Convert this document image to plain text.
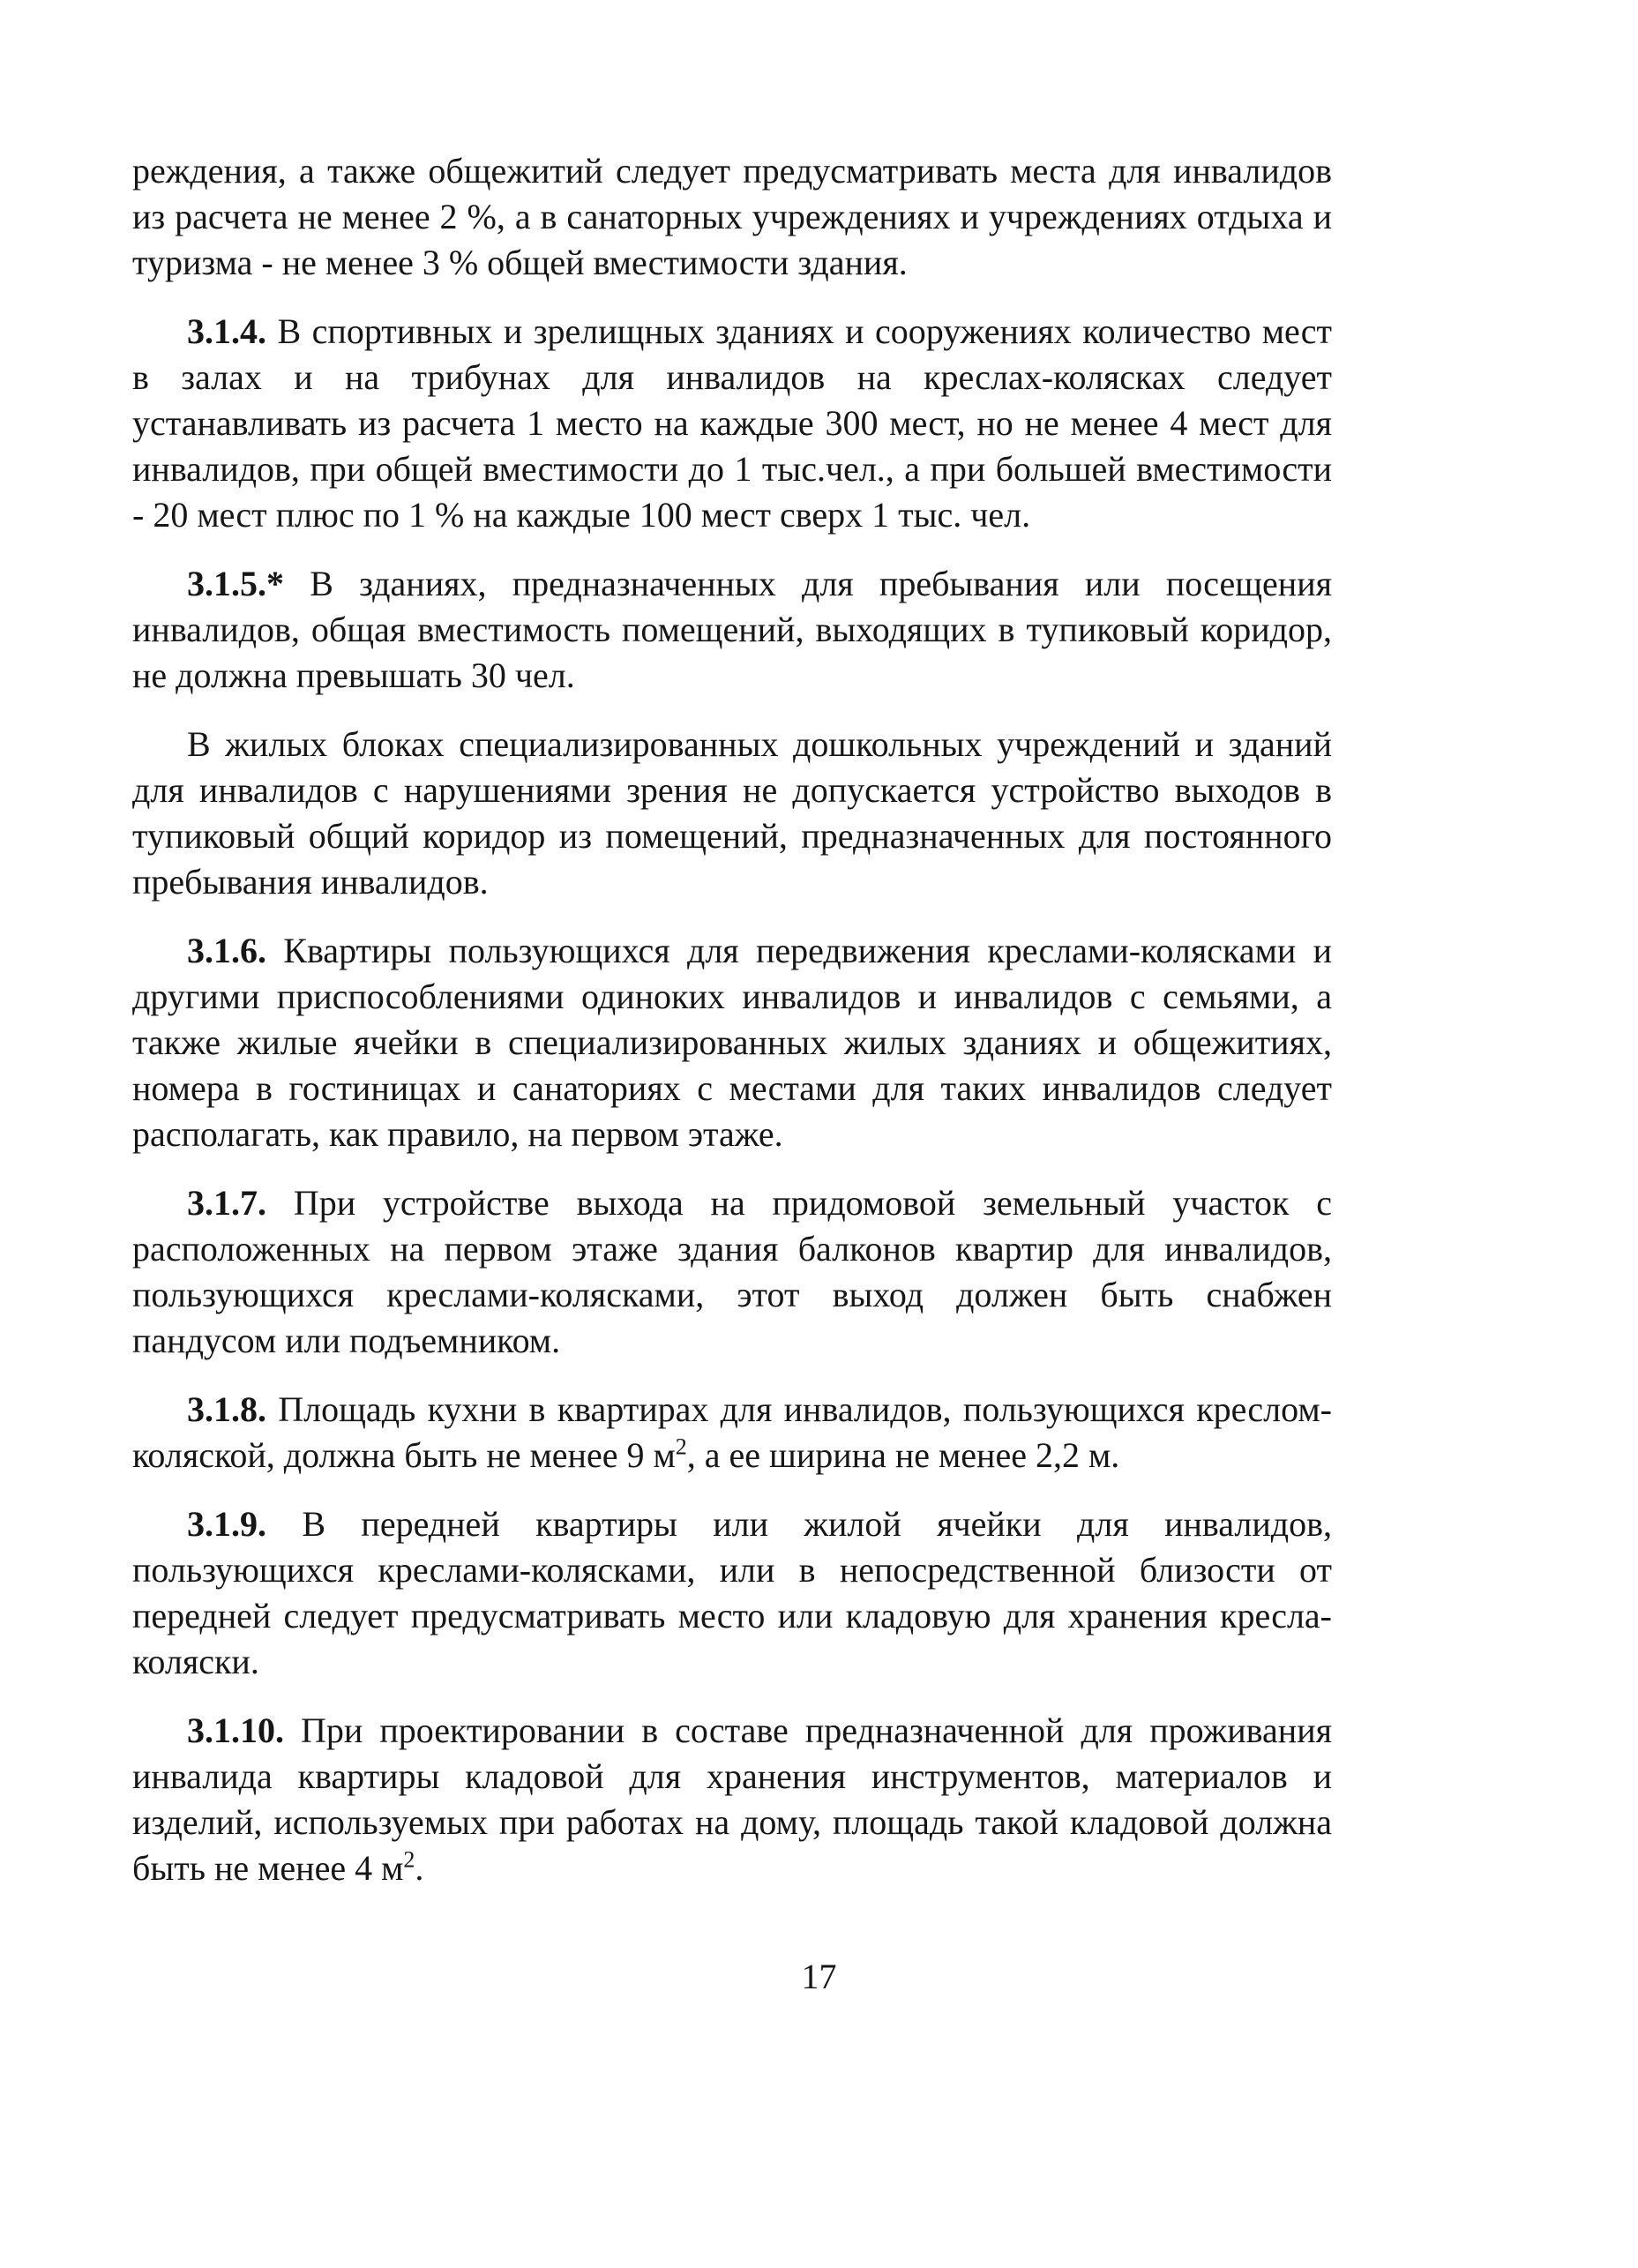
реждения, а также общежитий следует предусматривать места для инвалидов из расчета не менее 2 %, а в санаторных учреждениях и учреждениях отдыха и туризма - не менее 3 % общей вместимости здания.

3.1.4. В спортивных и зрелищных зданиях и сооружениях количество мест в залах и на трибунах для инвалидов на креслах-колясках следует устанавливать из расчета 1 место на каждые 300 мест, но не менее 4 мест для инвалидов, при общей вместимости до 1 тыс.чел., а при большей вместимости - 20 мест плюс по 1 % на каждые 100 мест сверх 1 тыс. чел.

3.1.5.* В зданиях, предназначенных для пребывания или посещения инвалидов, общая вместимость помещений, выходящих в тупиковый коридор, не должна превышать 30 чел.

В жилых блоках специализированных дошкольных учреждений и зданий для инвалидов с нарушениями зрения не допускается устройство выходов в тупиковый общий коридор из помещений, предназначенных для постоянного пребывания инвалидов.

3.1.6. Квартиры пользующихся для передвижения креслами-колясками и другими приспособлениями одиноких инвалидов и инвалидов с семьями, а также жилые ячейки в специализированных жилых зданиях и общежитиях, номера в гостиницах и санаториях с местами для таких инвалидов следует располагать, как правило, на первом этаже.

3.1.7. При устройстве выхода на придомовой земельный участок с расположенных на первом этаже здания балконов квартир для инвалидов, пользующихся креслами-колясками, этот выход должен быть снабжен пандусом или подъемником.

3.1.8. Площадь кухни в квартирах для инвалидов, пользующихся креслом-коляской, должна быть не менее 9 $м^2$, а ее ширина не менее 2,2 м.

3.1.9. В передней квартиры или жилой ячейки для инвалидов, пользующихся креслами-колясками, или в непосредственной близости от передней следует предусматривать место или кладовую для хранения кресла-коляски.

3.1.10. При проектировании в составе предназначенной для проживания инвалида квартиры кладовой для хранения инструментов, материалов и изделий, используемых при работах на дому, площадь такой кладовой должна быть не менее 4 $м^2$.

17
